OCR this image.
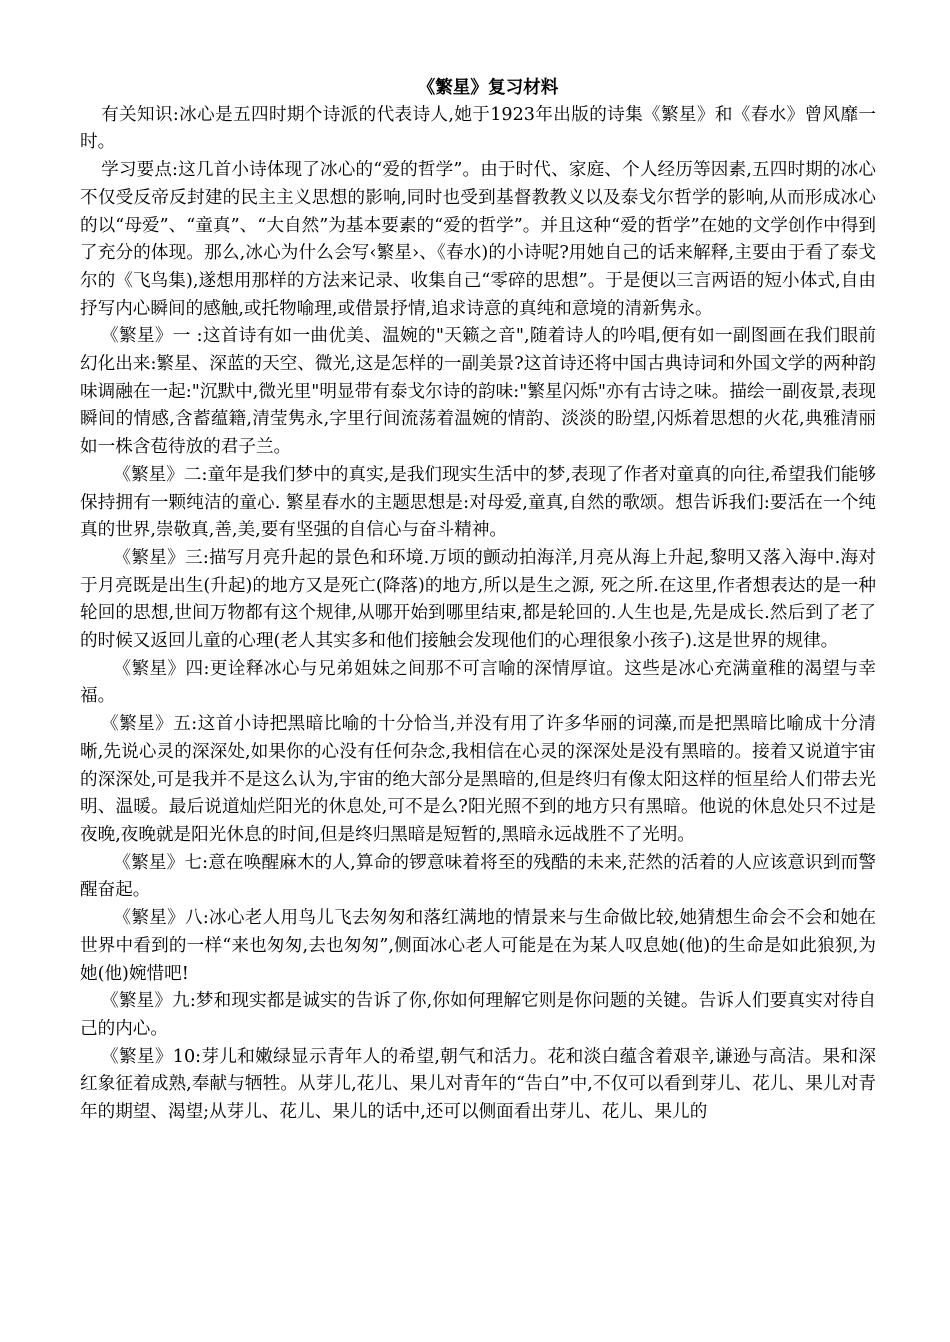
《繁星》复习材料

有关知识:冰心是五四时期个诗派的代表诗人,她于1923年出版的诗集《繁星》和《春水》曾风靡一时。

学习要点:这几首小诗体现了冰心的“爱的哲学”。由于时代、家庭、个人经历等因素,五四时期的冰心不仅受反帝反封建的民主主义思想的影响,同时也受到基督教教义以及泰戈尔哲学的影响,从而形成冰心的以“母爱”、“童真”、“大自然”为基本要素的“爱的哲学”。并且这种“爱的哲学”在她的文学创作中得到了充分的体现。那么,冰心为什么会写‹繁星›、《春水)的小诗呢?用她自己的话来解释,主要由于看了泰戈尔的《飞鸟集),遂想用那样的方法来记录、收集自己“零碎的思想”。于是便以三言两语的短小体式,自由抒写内心瞬间的感触,或托物喻理,或借景抒情,追求诗意的真纯和意境的清新隽永。

《繁星》一 :这首诗有如一曲优美、温婉的"天籁之音",随着诗人的吟唱,便有如一副图画在我们眼前幻化出来:繁星、深蓝的天空、微光,这是怎样的一副美景?这首诗还将中国古典诗词和外国文学的两种韵味调融在一起:"沉默中,微光里"明显带有泰戈尔诗的韵味:"繁星闪烁"亦有古诗之味。描绘一副夜景,表现瞬间的情感,含蓄蕴籍,清莹隽永,字里行间流荡着温婉的情韵、淡淡的盼望,闪烁着思想的火花,典雅清丽如一株含苞待放的君子兰。

《繁星》二:童年是我们梦中的真实,是我们现实生活中的梦,表现了作者对童真的向往,希望我们能够保持拥有一颗纯洁的童心. 繁星春水的主题思想是:对母爱,童真,自然的歌颂。想告诉我们:要活在一个纯真的世界,崇敬真,善,美,要有坚强的自信心与奋斗精神。

《繁星》三:描写月亮升起的景色和环境.万顷的颤动拍海洋,月亮从海上升起,黎明又落入海中.海对于月亮既是出生(升起)的地方又是死亡(降落)的地方,所以是生之源, 死之所.在这里,作者想表达的是一种轮回的思想,世间万物都有这个规律,从哪开始到哪里结束,都是轮回的.人生也是,先是成长.然后到了老了的时候又返回儿童的心理(老人其实多和他们接触会发现他们的心理很象小孩子).这是世界的规律。

《繁星》四:更诠释冰心与兄弟姐妹之间那不可言喻的深情厚谊。这些是冰心充满童稚的渴望与幸福。

《繁星》五:这首小诗把黑暗比喻的十分恰当,并没有用了许多华丽的词藻,而是把黑暗比喻成十分清晰,先说心灵的深深处,如果你的心没有任何杂念,我相信在心灵的深深处是没有黑暗的。接着又说道宇宙的深深处,可是我并不是这么认为,宇宙的绝大部分是黑暗的,但是终归有像太阳这样的恒星给人们带去光明、温暖。最后说道灿烂阳光的休息处,可不是么?阳光照不到的地方只有黑暗。他说的休息处只不过是夜晚,夜晚就是阳光休息的时间,但是终归黑暗是短暂的,黑暗永远战胜不了光明。

《繁星》七:意在唤醒麻木的人,算命的锣意味着将至的残酷的未来,茫然的活着的人应该意识到而警醒奋起。

《繁星》八:冰心老人用鸟儿飞去匆匆和落红满地的情景来与生命做比较,她猜想生命会不会和她在世界中看到的一样“来也匆匆,去也匆匆”,侧面冰心老人可能是在为某人叹息她(他)的生命是如此狼狈,为她(他)婉惜吧!

《繁星》九:梦和现实都是诚实的告诉了你,你如何理解它则是你问题的关键。告诉人们要真实对待自己的内心。

《繁星》10:芽儿和嫩绿显示青年人的希望,朝气和活力。花和淡白蕴含着艰辛,谦逊与高洁。果和深红象征着成熟,奉献与牺牲。从芽儿,花儿、果儿对青年的“告白”中,不仅可以看到芽儿、花儿、果儿对青年的期望、渴望;从芽儿、花儿、果儿的话中,还可以侧面看出芽儿、花儿、果儿的
